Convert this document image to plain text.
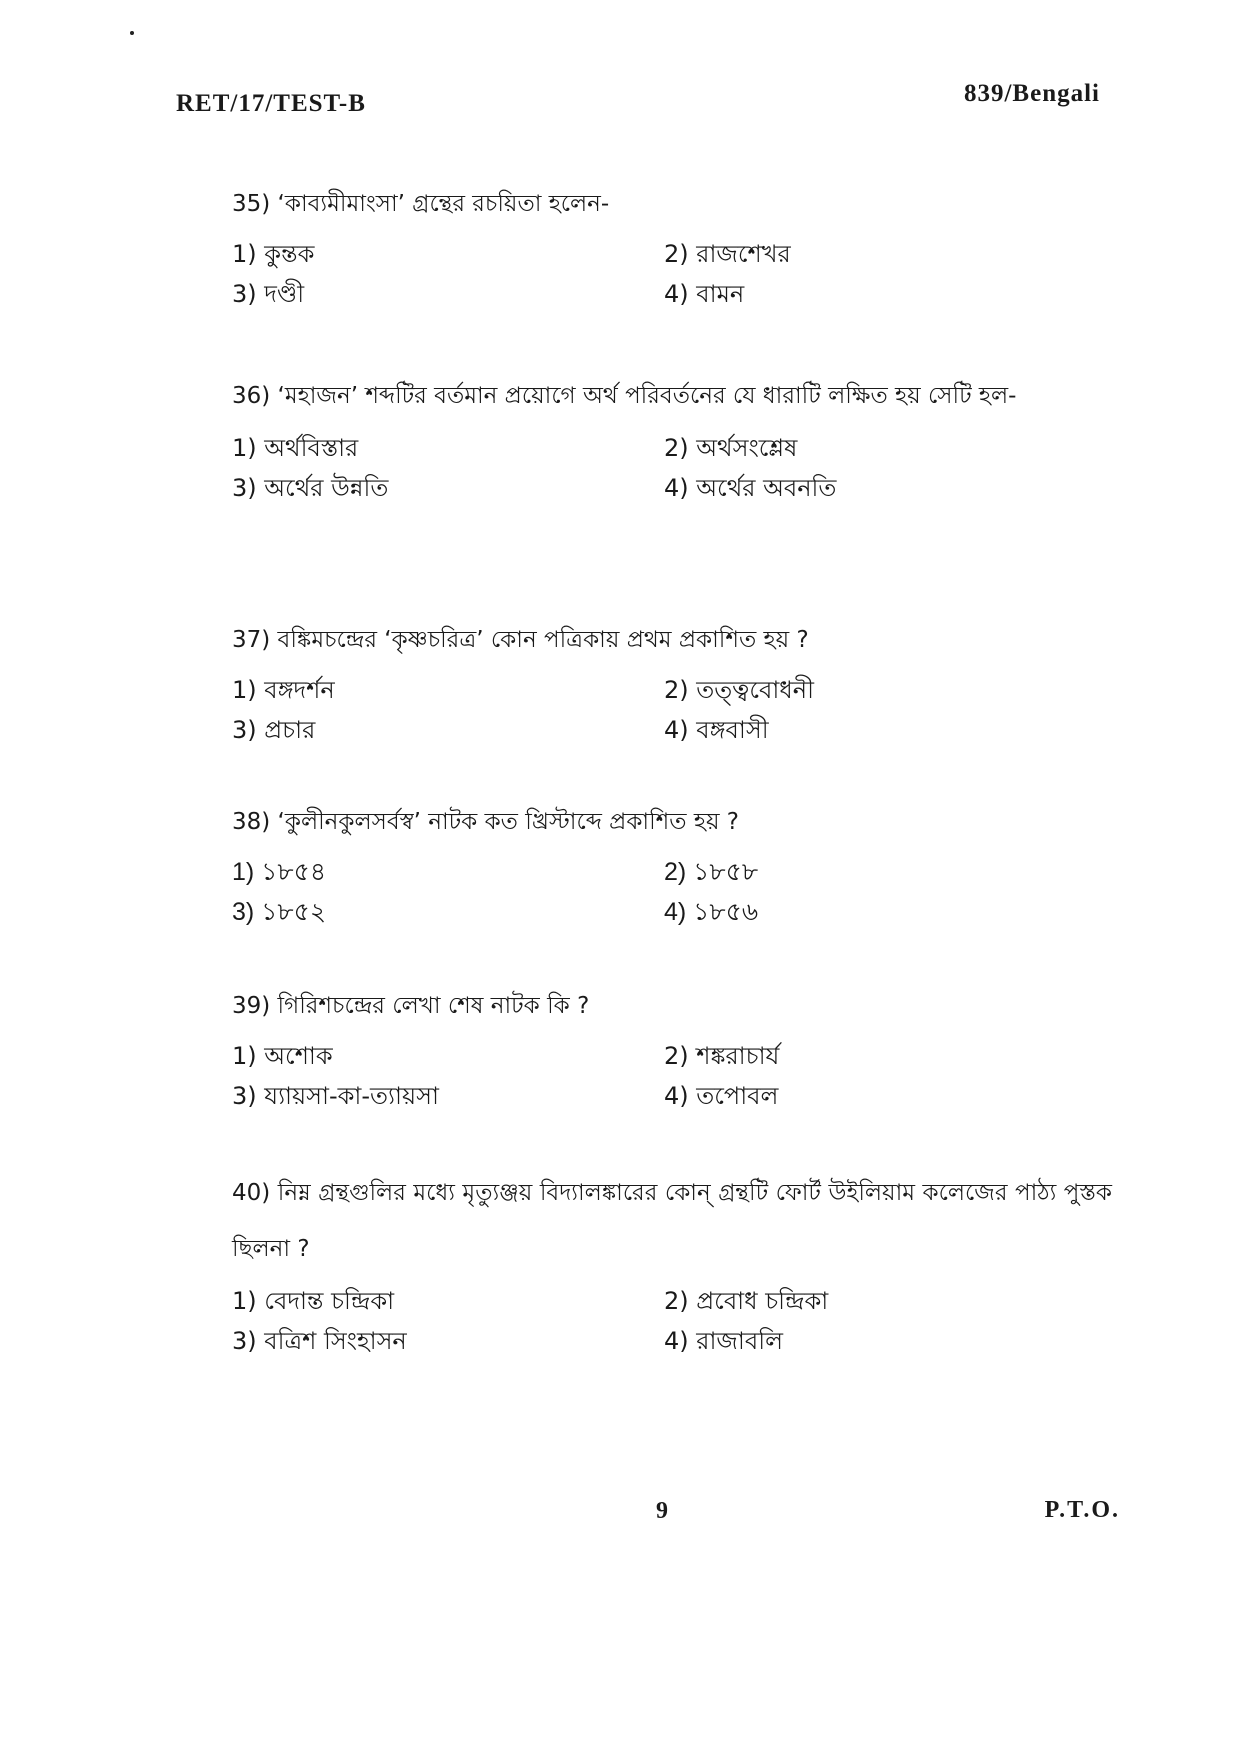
RET/17/TEST-B	839/Bengali
35) ‘কাব্যমীমাংসা’ গ্রন্থের রচয়িতা হলেন-
1) কুন্তক	2) রাজশেখর
3) দণ্ডী	4) বামন
36) ‘মহাজন’ শব্দটির বর্তমান প্রয়োগে অর্থ পরিবর্তনের যে ধারাটি লক্ষিত হয় সেটি হল-
1) অর্থবিস্তার	2) অর্থসংশ্লেষ
3) অর্থের উন্নতি	4) অর্থের অবনতি
37) বঙ্কিমচন্দ্রের ‘কৃষ্ণচরিত্র’ কোন পত্রিকায় প্রথম প্রকাশিত হয় ?
1) বঙ্গদর্শন	2) তত্ত্ববোধনী
3) প্রচার	4) বঙ্গবাসী
38) ‘কুলীনকুলসর্বস্ব’ নাটক কত খ্রিস্টাব্দে প্রকাশিত হয় ?
1) ১৮৫৪	2) ১৮৫৮
3) ১৮৫২	4) ১৮৫৬
39) গিরিশচন্দ্রের লেখা শেষ নাটক কি ?
1) অশোক	2) শঙ্করাচার্য
3) য্যায়সা-কা-ত্যায়সা	4) তপোবল
40) নিম্ন গ্রন্থগুলির মধ্যে মৃত্যুঞ্জয় বিদ্যালঙ্কারের কোন্ গ্রন্থটি ফোর্ট উইলিয়াম কলেজের পাঠ্য পুস্তক ছিলনা ?
1) বেদান্ত চন্দ্রিকা	2) প্রবোধ চন্দ্রিকা
3) বত্রিশ সিংহাসন	4) রাজাবলি
9	P.T.O.
